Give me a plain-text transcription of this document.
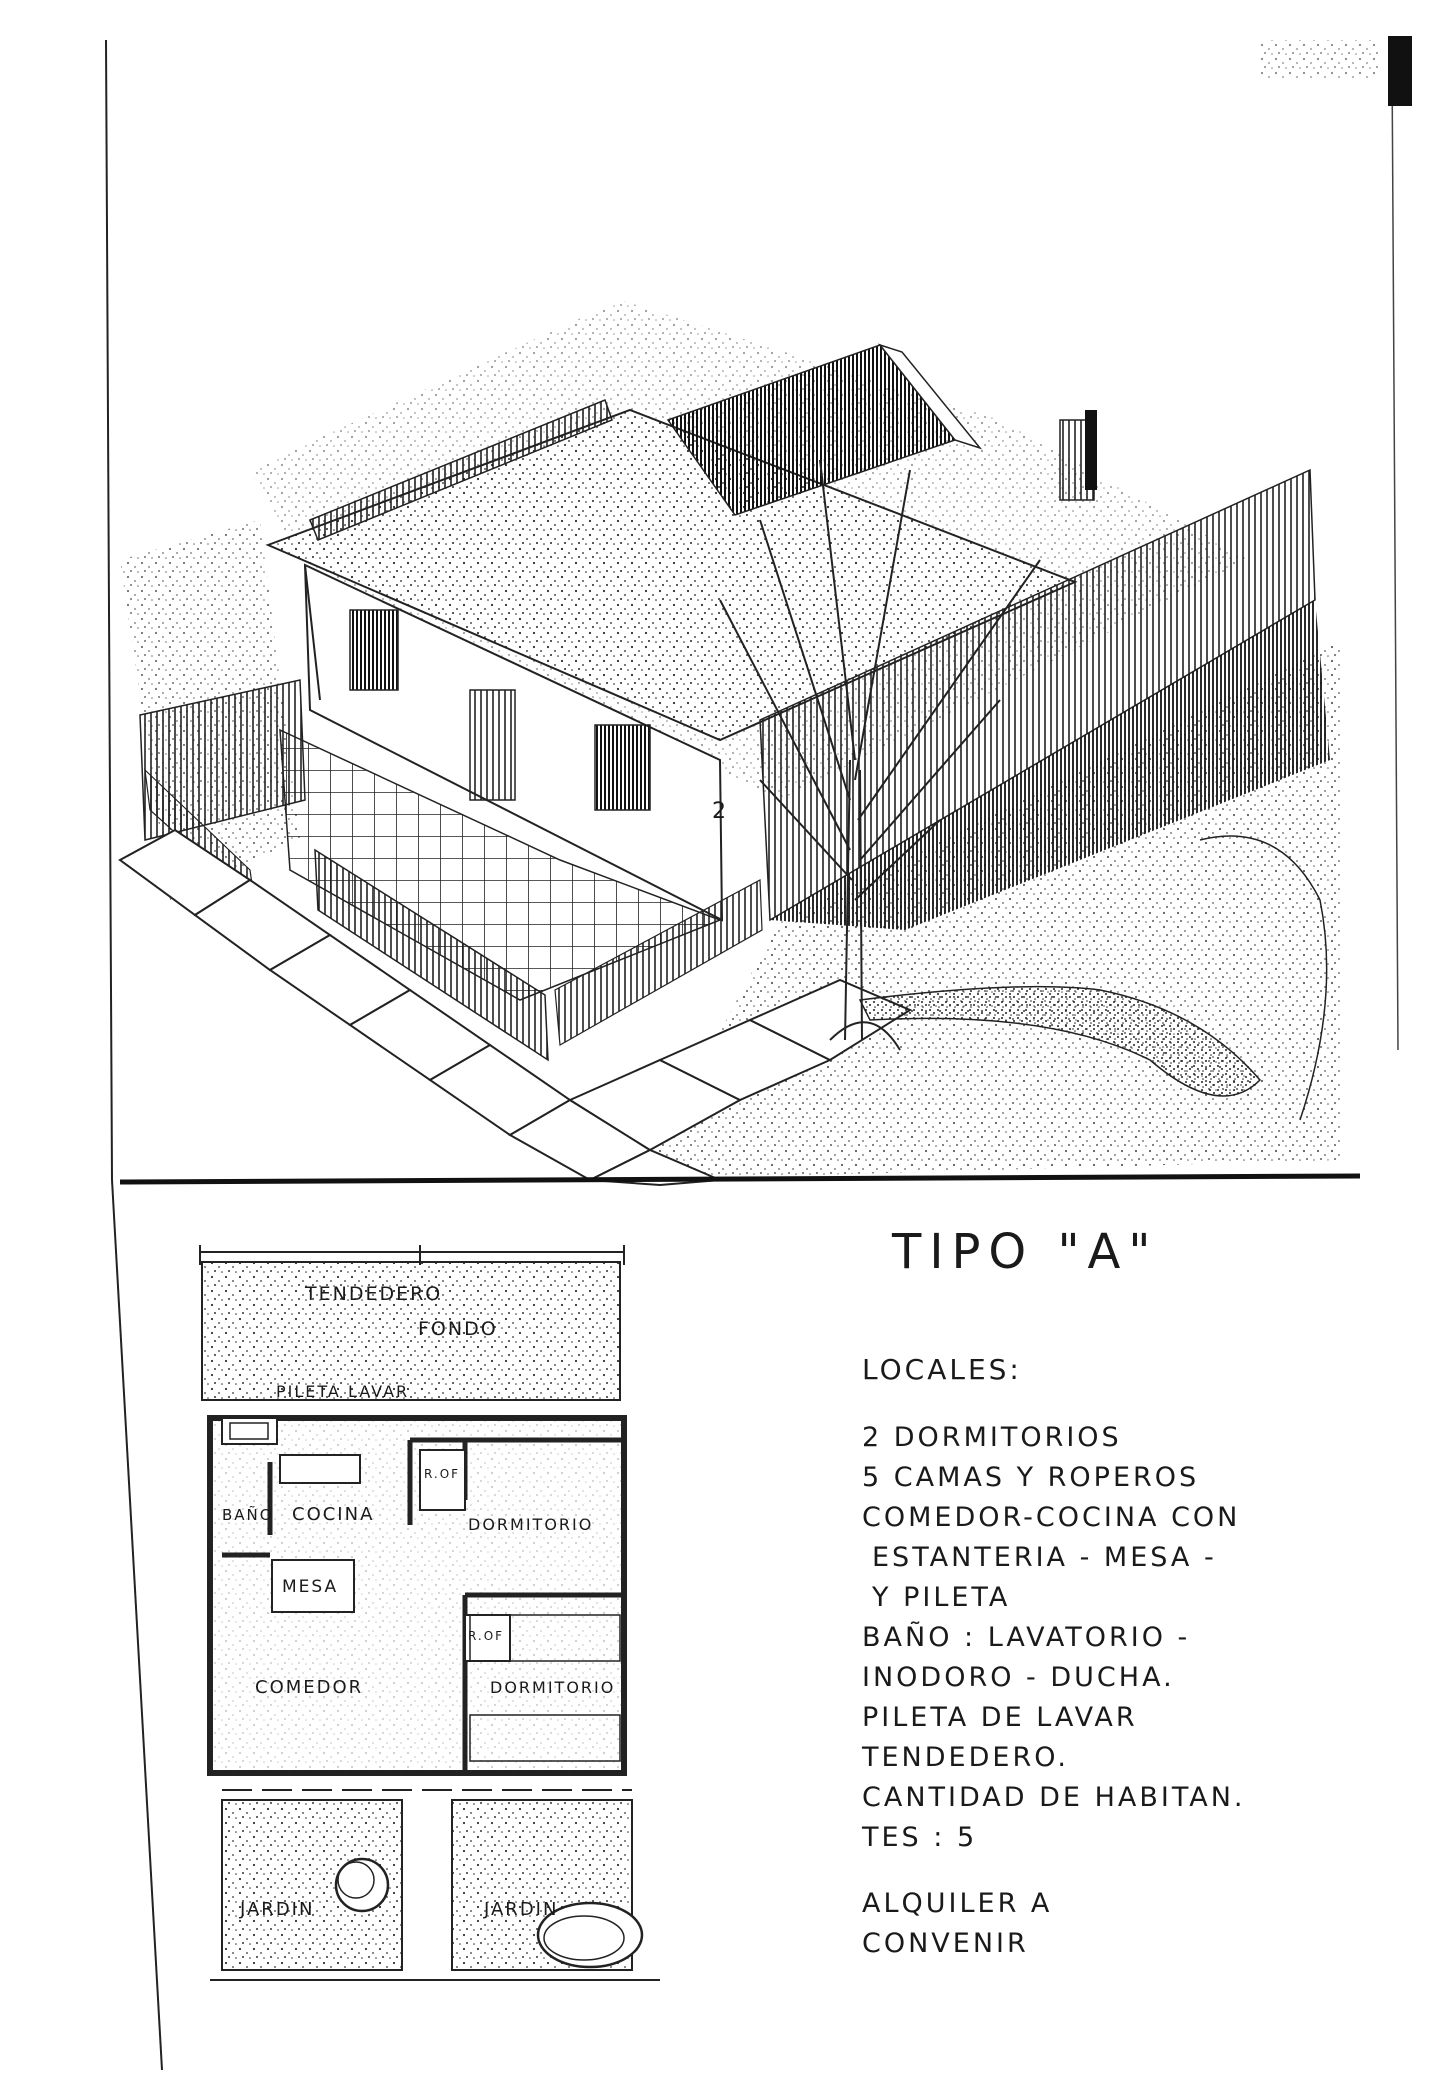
2
TENDEDERO
FONDO
PILETA LAVAR
BAÑO COCINA
MESA
DORMITORIO
DORMITORIO
COMEDOR
R.OF
R.OF
JARDIN	JARDIN
TIPO "A"
LOCALES:
2 DORMITORIOS
5 CAMAS Y ROPEROS
COMEDOR-COCINA CON
ESTANTERIA - MESA -
Y PILETA
BAÑO : LAVATORIO -
INODORO - DUCHA.
PILETA DE LAVAR
TENDEDERO.
CANTIDAD DE HABITAN.
TES : 5
ALQUILER A
CONVENIR
